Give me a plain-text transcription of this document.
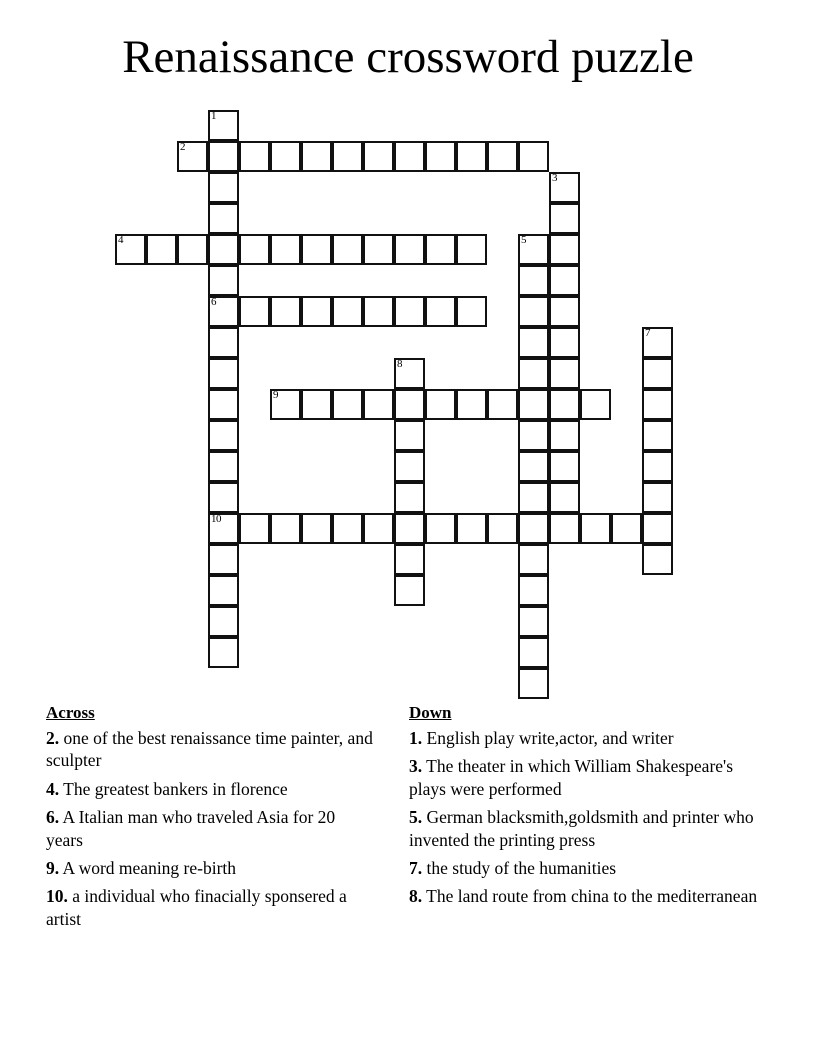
Renaissance crossword puzzle
1
2
3
4	5
6
7
8
9
10
Across
2. one of the best renaissance time painter, and sculpter
4. The greatest bankers in florence
6. A Italian man who traveled Asia for 20 years
9. A word meaning re-birth
10. a individual who finacially sponsered a artist
Down
1. English play write,actor, and writer
3. The theater in which William Shakespeare's plays were performed
5. German blacksmith,goldsmith and printer who invented the printing press
7. the study of the humanities
8. The land route from china to the mediterranean
